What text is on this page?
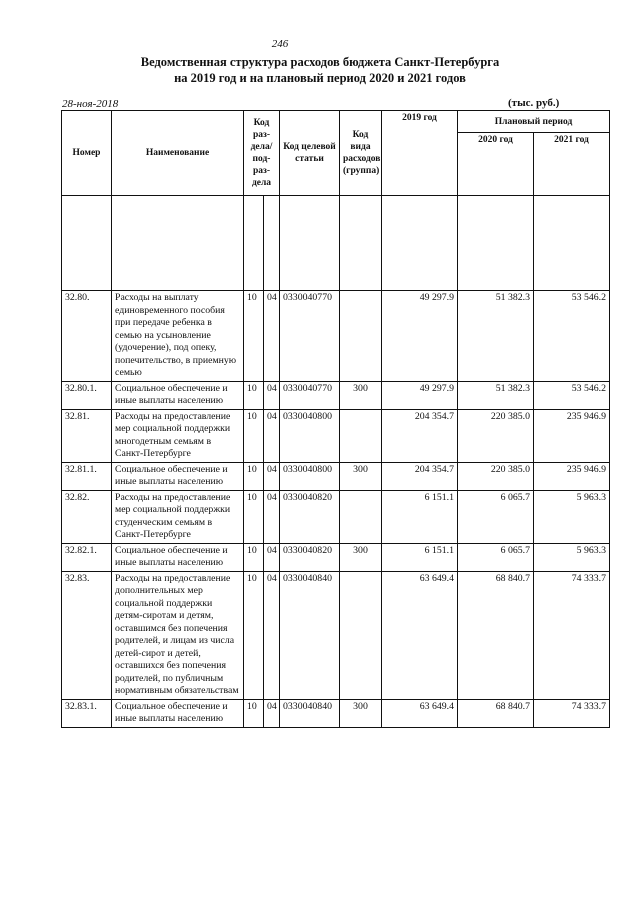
246
Ведомственная структура расходов бюджета Санкт-Петербурга
на 2019 год и на плановый период 2020 и 2021 годов
28-ноя-2018	(тыс. руб.)
Номер	Наименование	Код раз-дела/ под-раз-дела		Код целевой статьи	Код вида расходов (группа)	2019 год	Плановый период	
							2020 год	2021 год

32.80.	Расходы на выплату единовременного пособия при передаче ребенка в семью на усыновление (удочерение), под опеку, попечительство, в приемную семью	10	04	0330040770		49 297.9	51 382.3	53 546.2
32.80.1.	Социальное обеспечение и иные выплаты населению	10	04	0330040770	300	49 297.9	51 382.3	53 546.2
32.81.	Расходы на предоставление мер социальной поддержки многодетным семьям в Санкт-Петербурге	10	04	0330040800		204 354.7	220 385.0	235 946.9
32.81.1.	Социальное обеспечение и иные выплаты населению	10	04	0330040800	300	204 354.7	220 385.0	235 946.9
32.82.	Расходы на предоставление мер социальной поддержки студенческим семьям в Санкт-Петербурге	10	04	0330040820		6 151.1	6 065.7	5 963.3
32.82.1.	Социальное обеспечение и иные выплаты населению	10	04	0330040820	300	6 151.1	6 065.7	5 963.3
32.83.	Расходы на предоставление дополнительных мер социальной поддержки детям-сиротам и детям, оставшимся без попечения родителей, и лицам из числа детей-сирот и детей, оставшихся без попечения родителей, по публичным нормативным обязательствам	10	04	0330040840		63 649.4	68 840.7	74 333.7
32.83.1.	Социальное обеспечение и иные выплаты населению	10	04	0330040840	300	63 649.4	68 840.7	74 333.7
